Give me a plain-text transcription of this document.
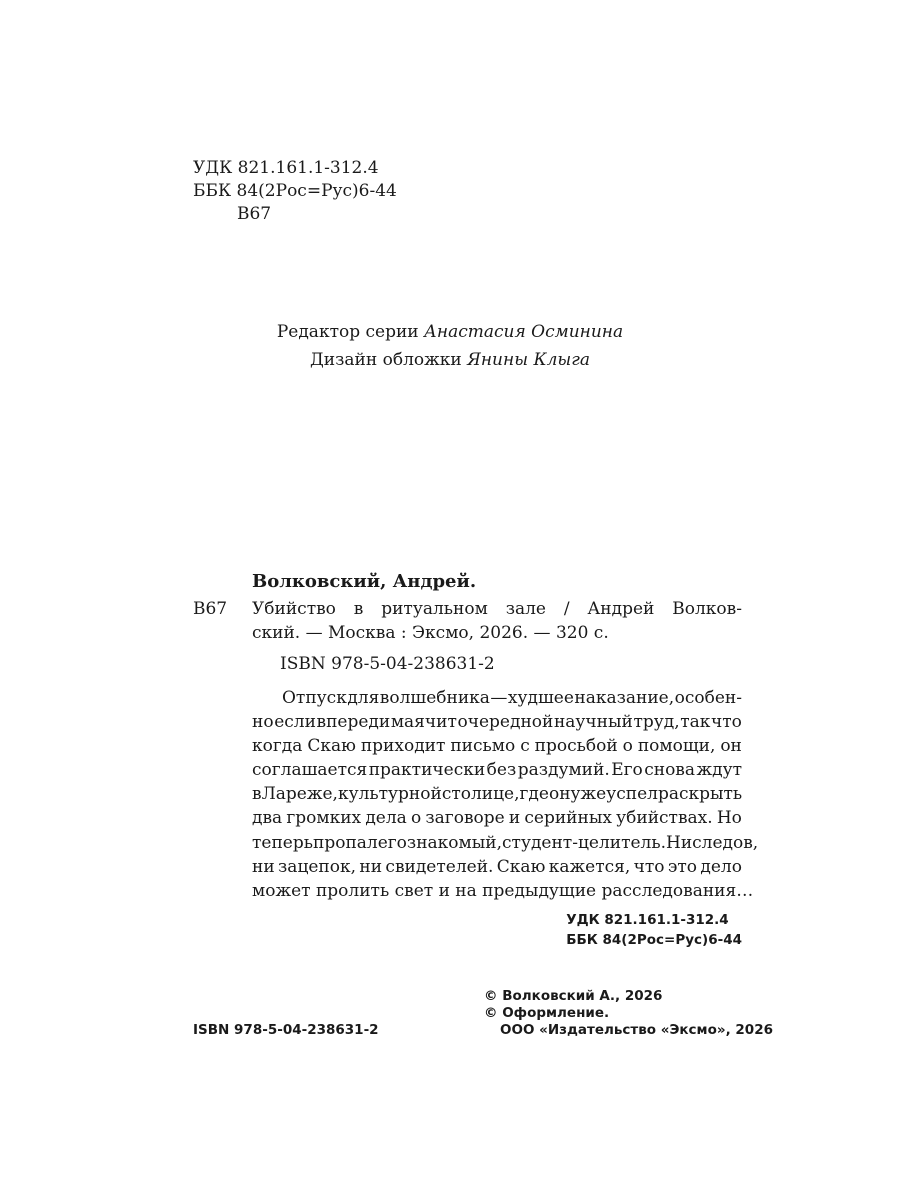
УДК 821.161.1-312.4
ББК 84(2Рос=Рус)6-44
В67
Редактор серии Анастасия Осминина
Дизайн обложки Янины Клыга
Волковский, Андрей.
В67 Убийство в ритуальном зале / Андрей Волков-
ский. — Москва : Эксмо, 2026. — 320 с.
ISBN 978-5-04-238631-2
Отпуск для волшебника — худшее наказание, особен-
но если впереди маячит очередной научный труд, так что
когда Скаю приходит письмо с просьбой о помощи, он
соглашается практически без раздумий. Его снова ждут
в Лареже, культурной столице, где он уже успел раскрыть
два громких дела о заговоре и серийных убийствах. Но
теперь пропал его знакомый, студент-целитель. Ни следов,
ни зацепок, ни свидетелей. Скаю кажется, что это дело
может пролить свет и на предыдущие расследования…
УДК 821.161.1-312.4
ББК 84(2Рос=Рус)6-44
© Волковский А., 2026
© Оформление.
ООО «Издательство «Эксмо», 2026
ISBN 978-5-04-238631-2
